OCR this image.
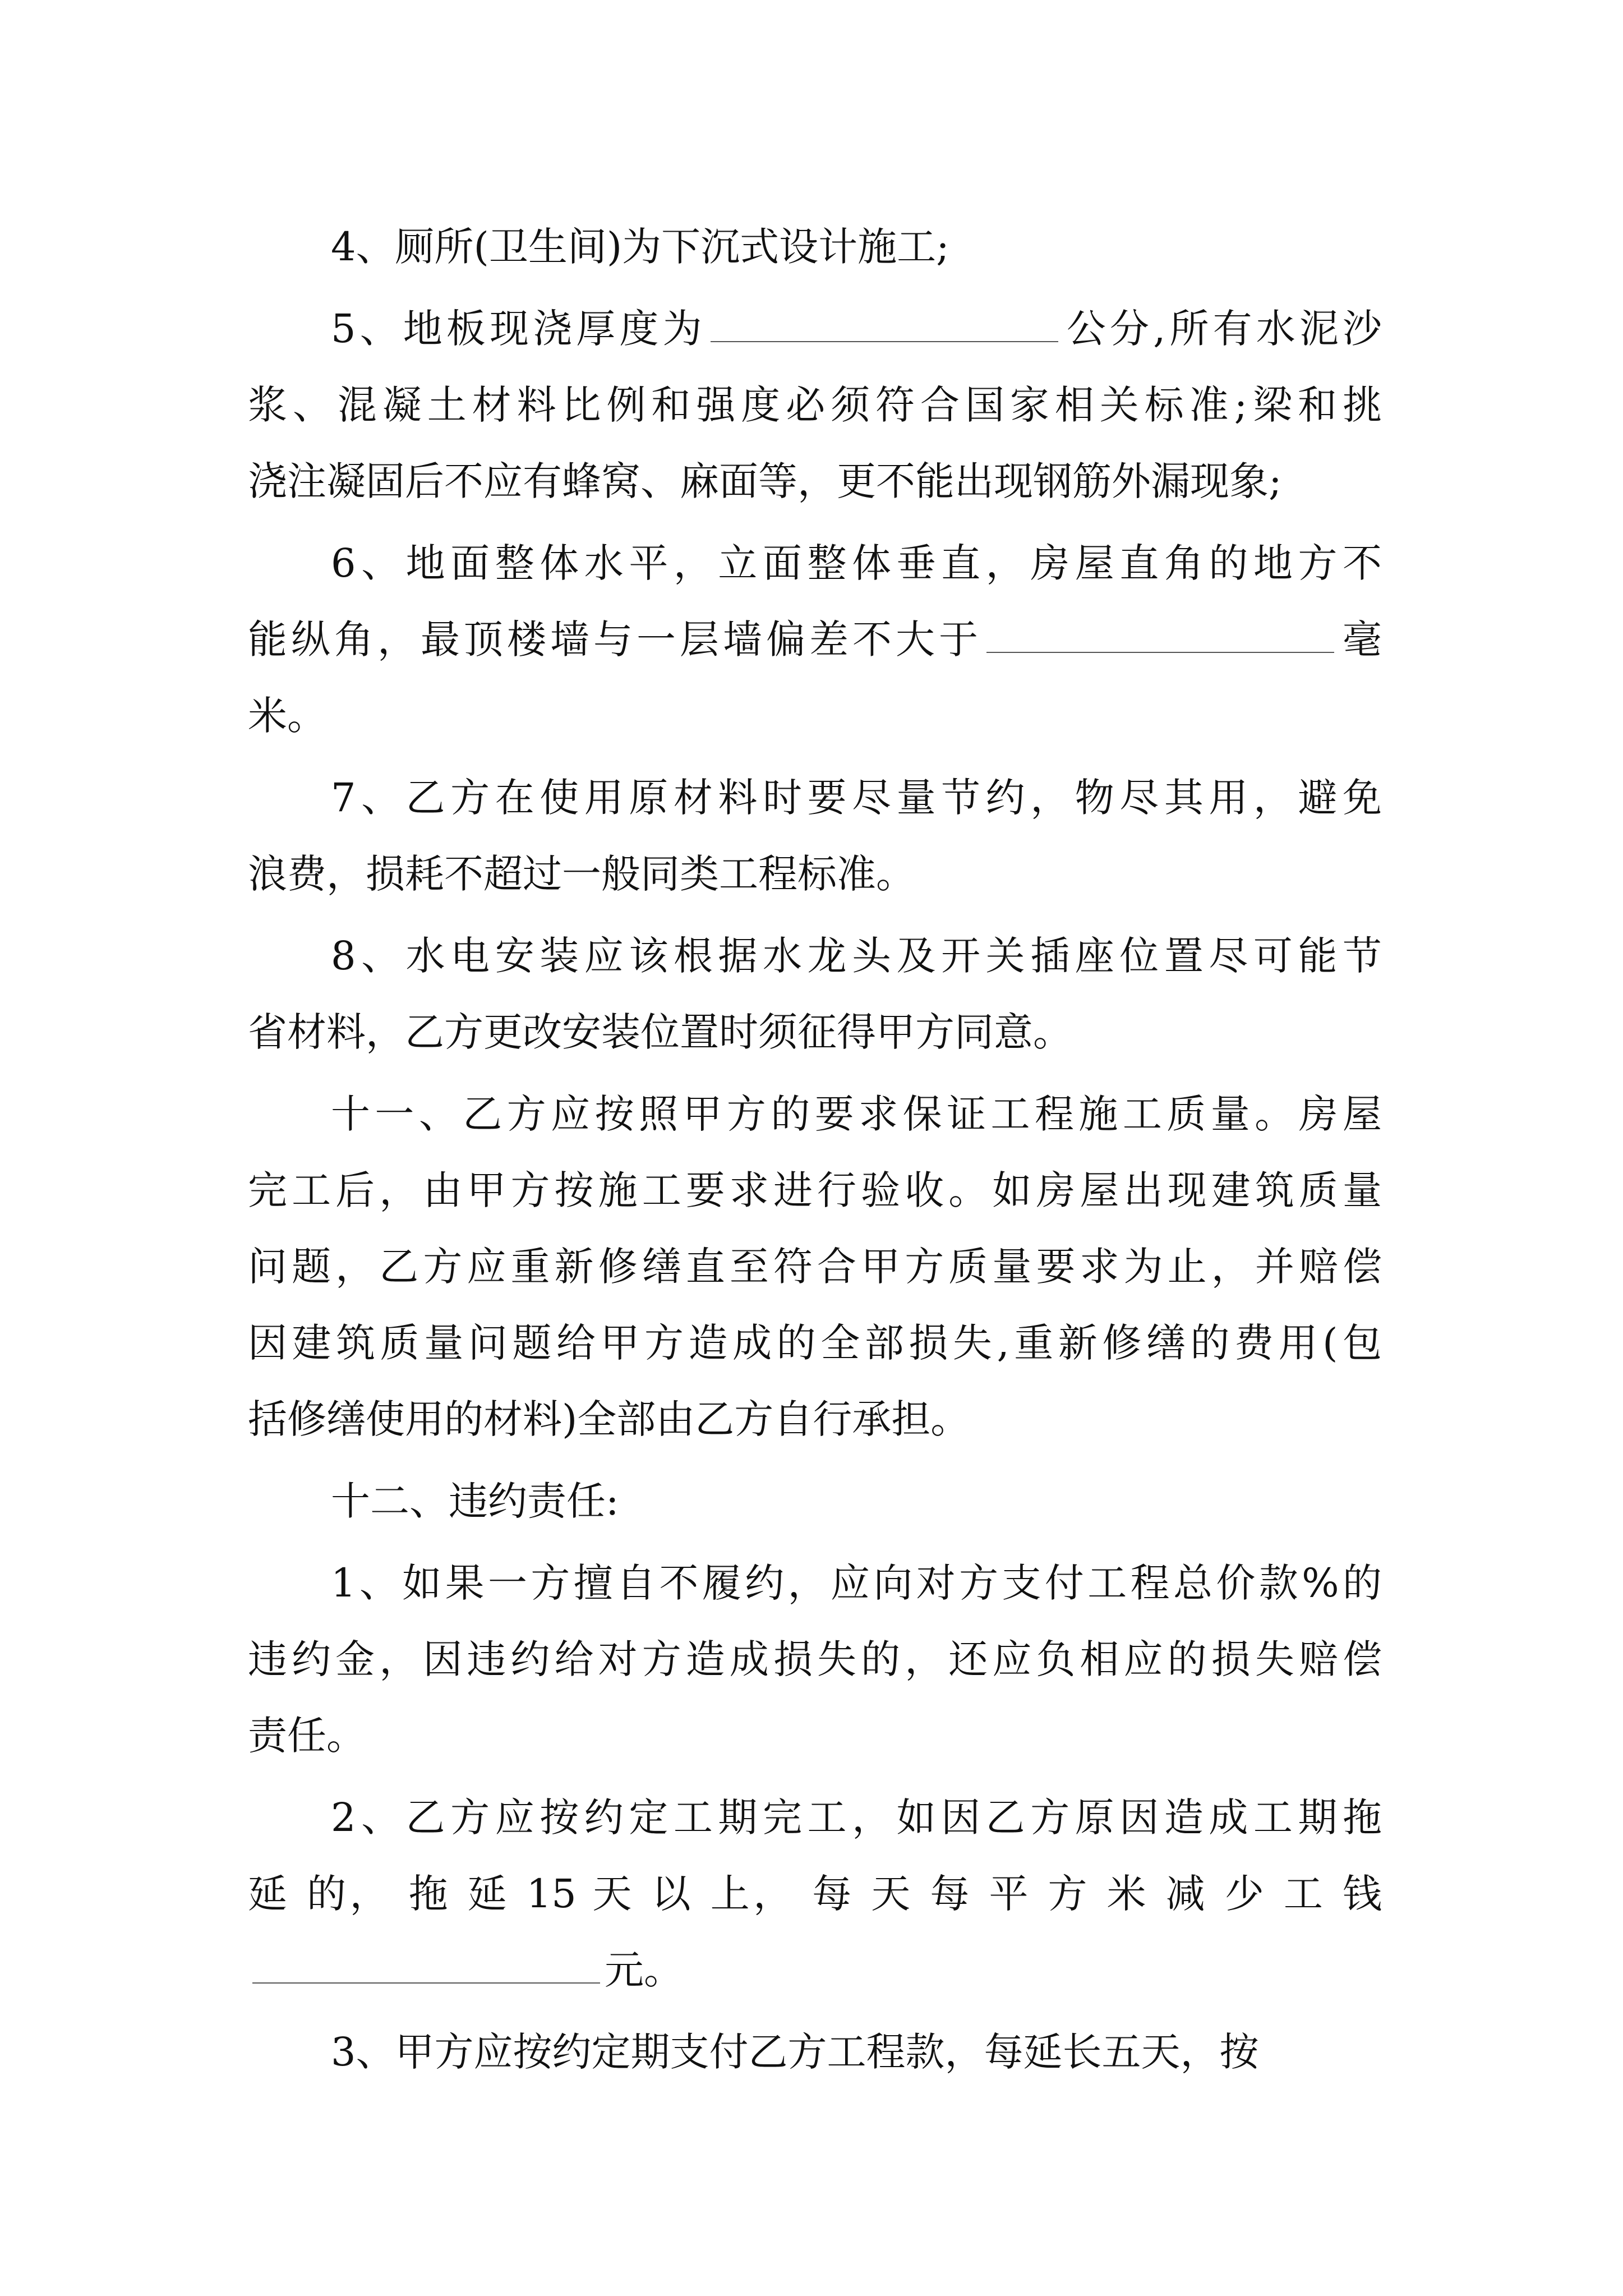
4、厕所(卫生间)为下沉式设计施工;
5、地板现浇厚度为	公分,所有水泥沙
浆、混凝土材料比例和强度必须符合国家相关标准;梁和挑
浇注凝固后不应有蜂窝、麻面等，更不能出现钢筋外漏现象;
6、地面整体水平，立面整体垂直，房屋直角的地方不
能纵角，最顶楼墙与一层墙偏差不大于	毫
米。
7、乙方在使用原材料时要尽量节约，物尽其用，避免
浪费，损耗不超过一般同类工程标准。
8、水电安装应该根据水龙头及开关插座位置尽可能节
省材料，乙方更改安装位置时须征得甲方同意。
十一、乙方应按照甲方的要求保证工程施工质量。房屋
完工后，由甲方按施工要求进行验收。如房屋出现建筑质量
问题，乙方应重新修缮直至符合甲方质量要求为止，并赔偿
因建筑质量问题给甲方造成的全部损失,重新修缮的费用(包
括修缮使用的材料)全部由乙方自行承担。
十二、违约责任:
1、如果一方擅自不履约，应向对方支付工程总价款%的
违约金，因违约给对方造成损失的，还应负相应的损失赔偿
责任。
2、乙方应按约定工期完工，如因乙方原因造成工期拖
延 的， 拖 延 15 天 以 上， 每 天 每 平 方 米 减 少 工 钱
元。
3、甲方应按约定期支付乙方工程款，每延长五天，按
